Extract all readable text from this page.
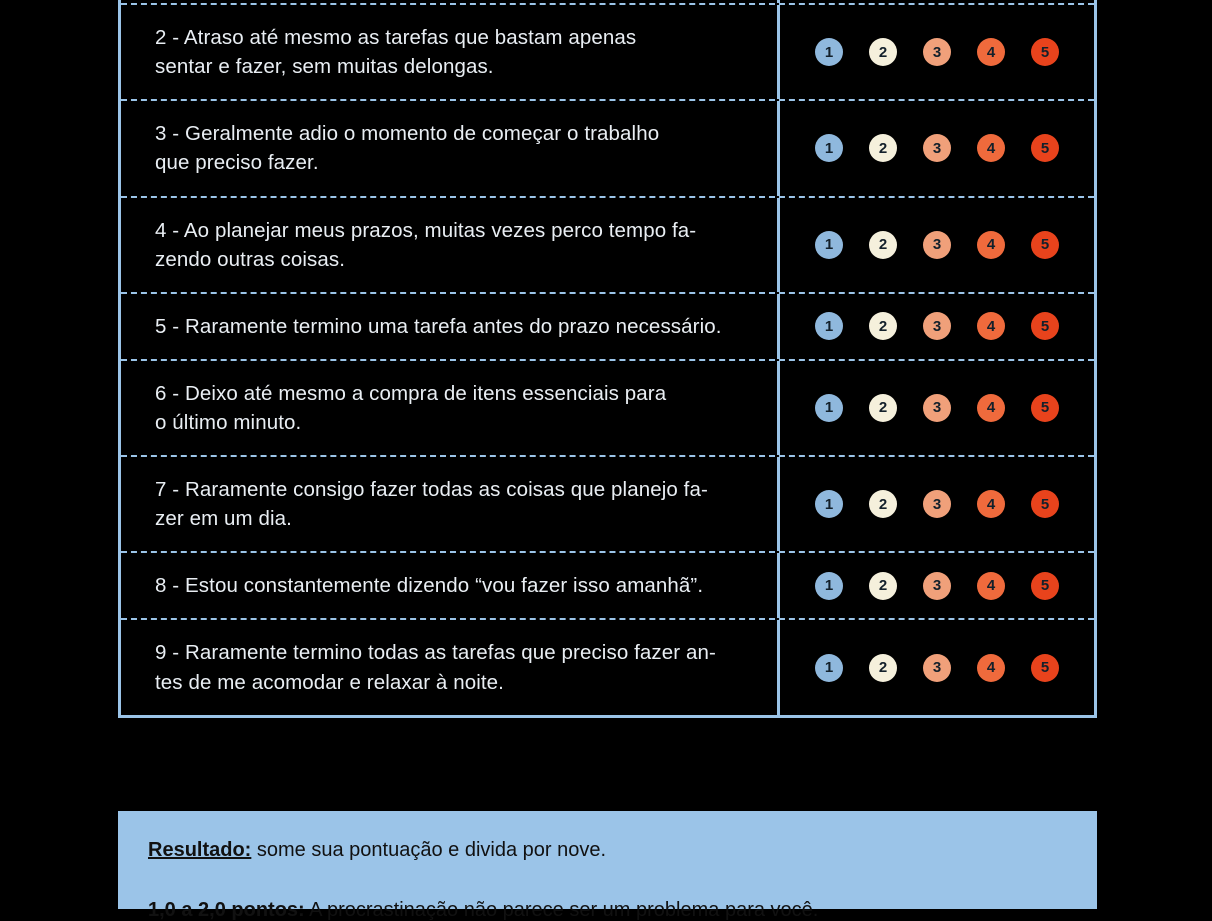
2 - Atraso até mesmo as tarefas que bastam apenas
sentar e fazer, sem muitas delongas.
1	2	3	4	5
3 - Geralmente adio o momento de começar o trabalho
que preciso fazer.
1	2	3	4	5
4 - Ao planejar meus prazos, muitas vezes perco tempo fa-
zendo outras coisas.
1	2	3	4	5
5 - Raramente termino uma tarefa antes do prazo necessário.	1	2	3	4	5
6 - Deixo até mesmo a compra de itens essenciais para
o último minuto.
1	2	3	4	5
7 - Raramente consigo fazer todas as coisas que planejo fa-
zer em um dia.
1	2	3	4	5
8 - Estou constantemente dizendo “vou fazer isso amanhã”.	1	2	3	4	5
9 - Raramente termino todas as tarefas que preciso fazer an-
tes de me acomodar e relaxar à noite.
1	2	3	4	5
Resultado: some sua pontuação e divida por nove.
1,0 a 2,0 pontos: A procrastinação não parece ser um problema para você.
